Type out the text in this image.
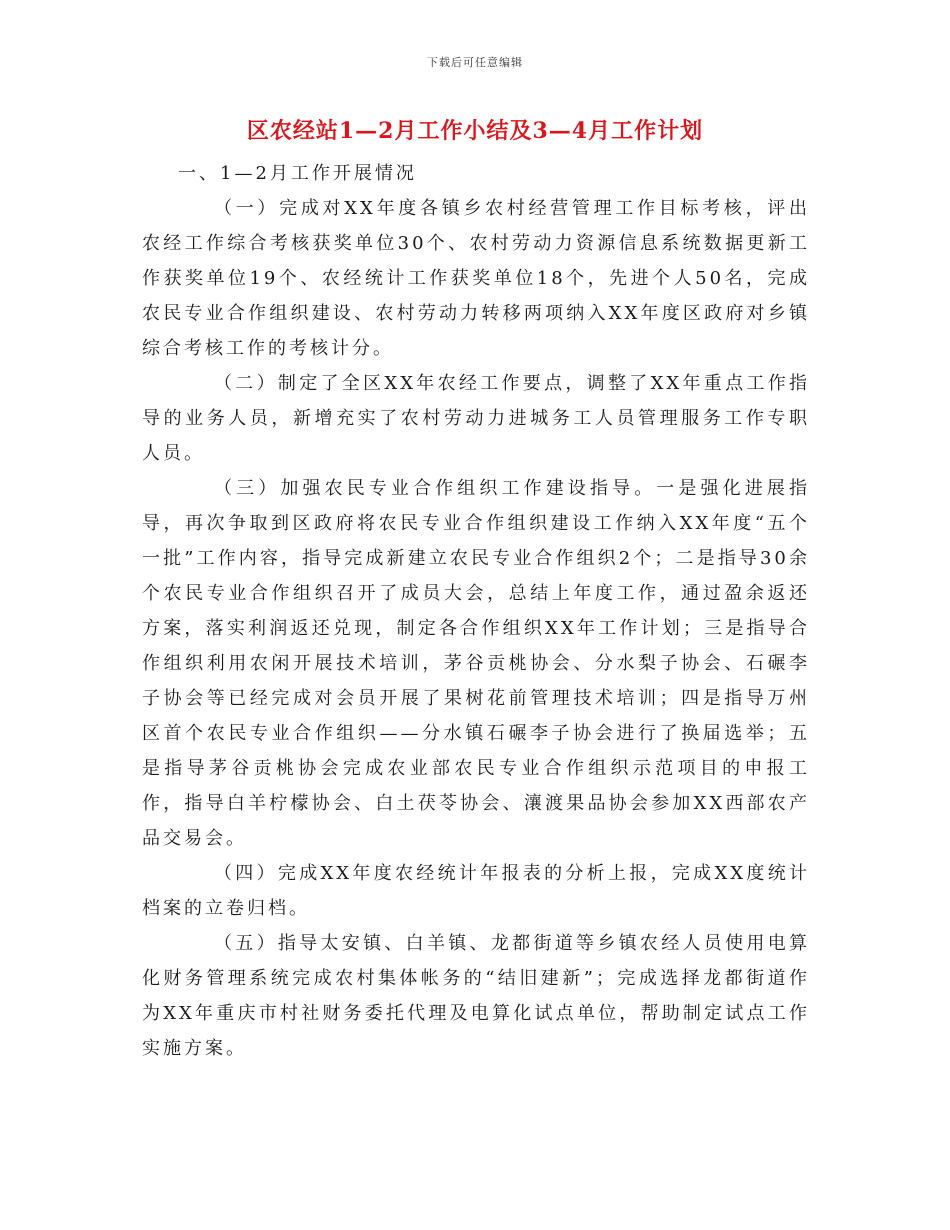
下载后可任意编辑
区农经站1—2月工作小结及3—4月工作计划

一、1—2月工作开展情况

（一）完成对XX年度各镇乡农村经营管理工作目标考核，评出农经工作综合考核获奖单位30个、农村劳动力资源信息系统数据更新工作获奖单位19个、农经统计工作获奖单位18个，先进个人50名，完成农民专业合作组织建设、农村劳动力转移两项纳入XX年度区政府对乡镇综合考核工作的考核计分。

（二）制定了全区XX年农经工作要点，调整了XX年重点工作指导的业务人员，新增充实了农村劳动力进城务工人员管理服务工作专职人员。

（三）加强农民专业合作组织工作建设指导。一是强化进展指导，再次争取到区政府将农民专业合作组织建设工作纳入XX年度“五个一批”工作内容，指导完成新建立农民专业合作组织2个；二是指导30余个农民专业合作组织召开了成员大会，总结上年度工作，通过盈余返还方案，落实利润返还兑现，制定各合作组织XX年工作计划；三是指导合作组织利用农闲开展技术培训，茅谷贡桃协会、分水梨子协会、石碾李子协会等已经完成对会员开展了果树花前管理技术培训；四是指导万州区首个农民专业合作组织——分水镇石碾李子协会进行了换届选举；五是指导茅谷贡桃协会完成农业部农民专业合作组织示范项目的申报工作，指导白羊柠檬协会、白土茯苓协会、瀼渡果品协会参加XX西部农产品交易会。

（四）完成XX年度农经统计年报表的分析上报，完成XX度统计档案的立卷归档。

（五）指导太安镇、白羊镇、龙都街道等乡镇农经人员使用电算化财务管理系统完成农村集体帐务的“结旧建新”；完成选择龙都街道作为XX年重庆市村社财务委托代理及电算化试点单位，帮助制定试点工作实施方案。
